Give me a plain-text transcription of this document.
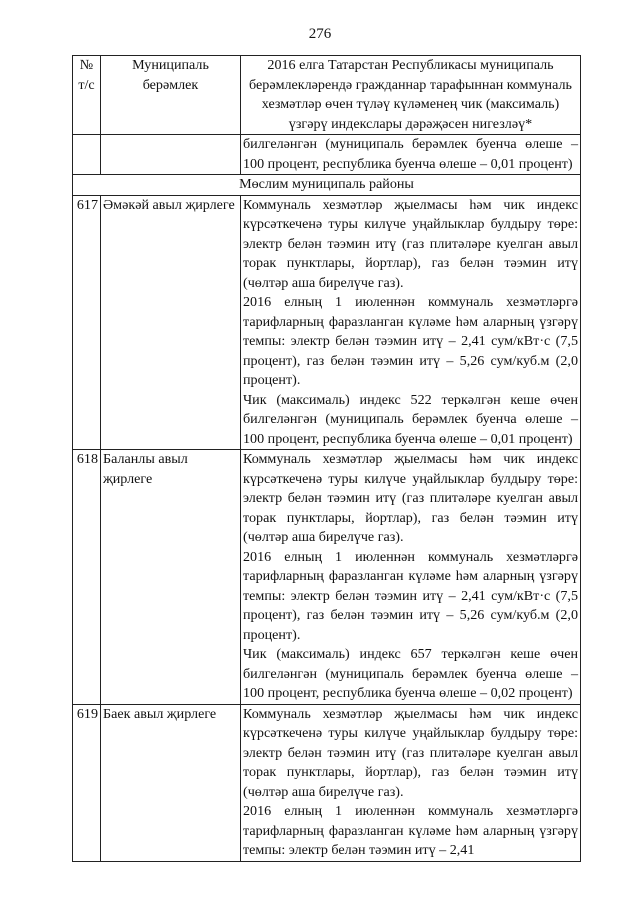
276
№ т/с	Муниципаль берәмлек	2016 елга Татарстан Республикасы муниципаль берәмлекләрендә гражданнар тарафыннан коммуналь хезмәтләр өчен түләү күләменең чик (максималь) үзгәрү индекслары дәрәҗәсен нигезләү*

		билгеләнгән (муниципаль берәмлек буенча өлеше – 100 процент, республика буенча өлеше – 0,01 процент)

Мөслим муниципаль районы		
617	Әмәкәй авыл җирлеге	Коммуналь хезмәтләр җыелмасы һәм чик индекс күрсәткеченә туры килүче уңайлыклар булдыру төре: электр белән тәэмин итү (газ плитәләре куелган авыл торак пунктлары, йортлар), газ белән тәэмин итү (чөлтәр аша бирелүче газ).

2016 елның 1 июленнән коммуналь хезмәтләргә тарифларның фаразланган күләме һәм аларның үзгәрү темпы: электр белән тәэмин итү – 2,41 сум/кВт·с (7,5 процент), газ белән тәэмин итү – 5,26 сум/куб.м (2,0 процент).

Чик (максималь) индекс 522 теркәлгән кеше өчен билгеләнгән (муниципаль берәмлек буенча өлеше – 100 процент, республика буенча өлеше – 0,01 процент)

618	Баланлы авыл җирлеге	Коммуналь хезмәтләр җыелмасы һәм чик индекс күрсәткеченә туры килүче уңайлыклар булдыру төре: электр белән тәэмин итү (газ плитәләре куелган авыл торак пунктлары, йортлар), газ белән тәэмин итү (чөлтәр аша бирелүче газ).

2016 елның 1 июленнән коммуналь хезмәтләргә тарифларның фаразланган күләме һәм аларның үзгәрү темпы: электр белән тәэмин итү – 2,41 сум/кВт·с (7,5 процент), газ белән тәэмин итү – 5,26 сум/куб.м (2,0 процент).

Чик (максималь) индекс 657 теркәлгән кеше өчен билгеләнгән (муниципаль берәмлек буенча өлеше – 100 процент, республика буенча өлеше – 0,02 процент)

619	Баек авыл җирлеге	Коммуналь хезмәтләр җыелмасы һәм чик индекс күрсәткеченә туры килүче уңайлыклар булдыру төре: электр белән тәэмин итү (газ плитәләре куелган авыл торак пунктлары, йортлар), газ белән тәэмин итү (чөлтәр аша бирелүче газ).

2016 елның 1 июленнән коммуналь хезмәтләргә тарифларның фаразланган күләме һәм аларның үзгәрү темпы: электр белән тәэмин итү – 2,41
